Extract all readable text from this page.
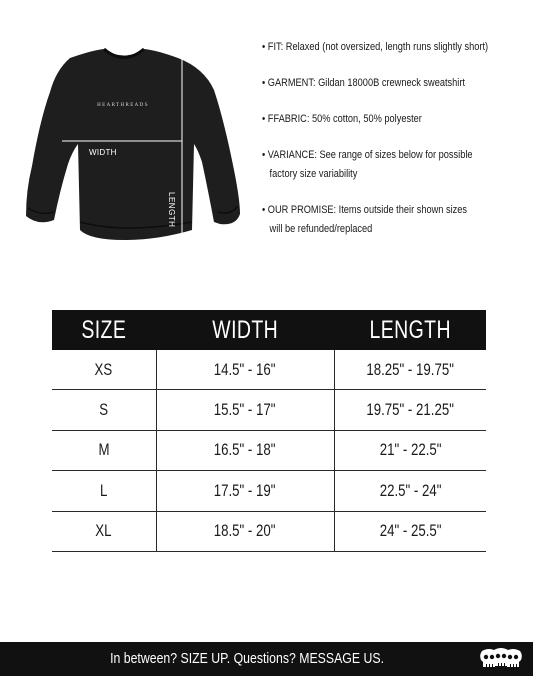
HEARTHREADS
WIDTH
LENGTH
• FIT: Relaxed (not oversized, length runs slightly short)
• GARMENT: Gildan 18000B crewneck sweatshirt
• FFABRIC: 50% cotton, 50% polyester
• VARIANCE: See range of sizes below for possible
factory size variability
• OUR PROMISE: Items outside their shown sizes
will be refunded/replaced
SIZE	WIDTH	LENGTH
XS	14.5" - 16"	18.25" - 19.75"
S	15.5" - 17"	19.75" - 21.25"
M	16.5" - 18"	21" - 22.5"
L	17.5" - 19"	22.5" - 24"
XL	18.5" - 20"	24" - 25.5"
In between? SIZE UP. Questions? MESSAGE US.
